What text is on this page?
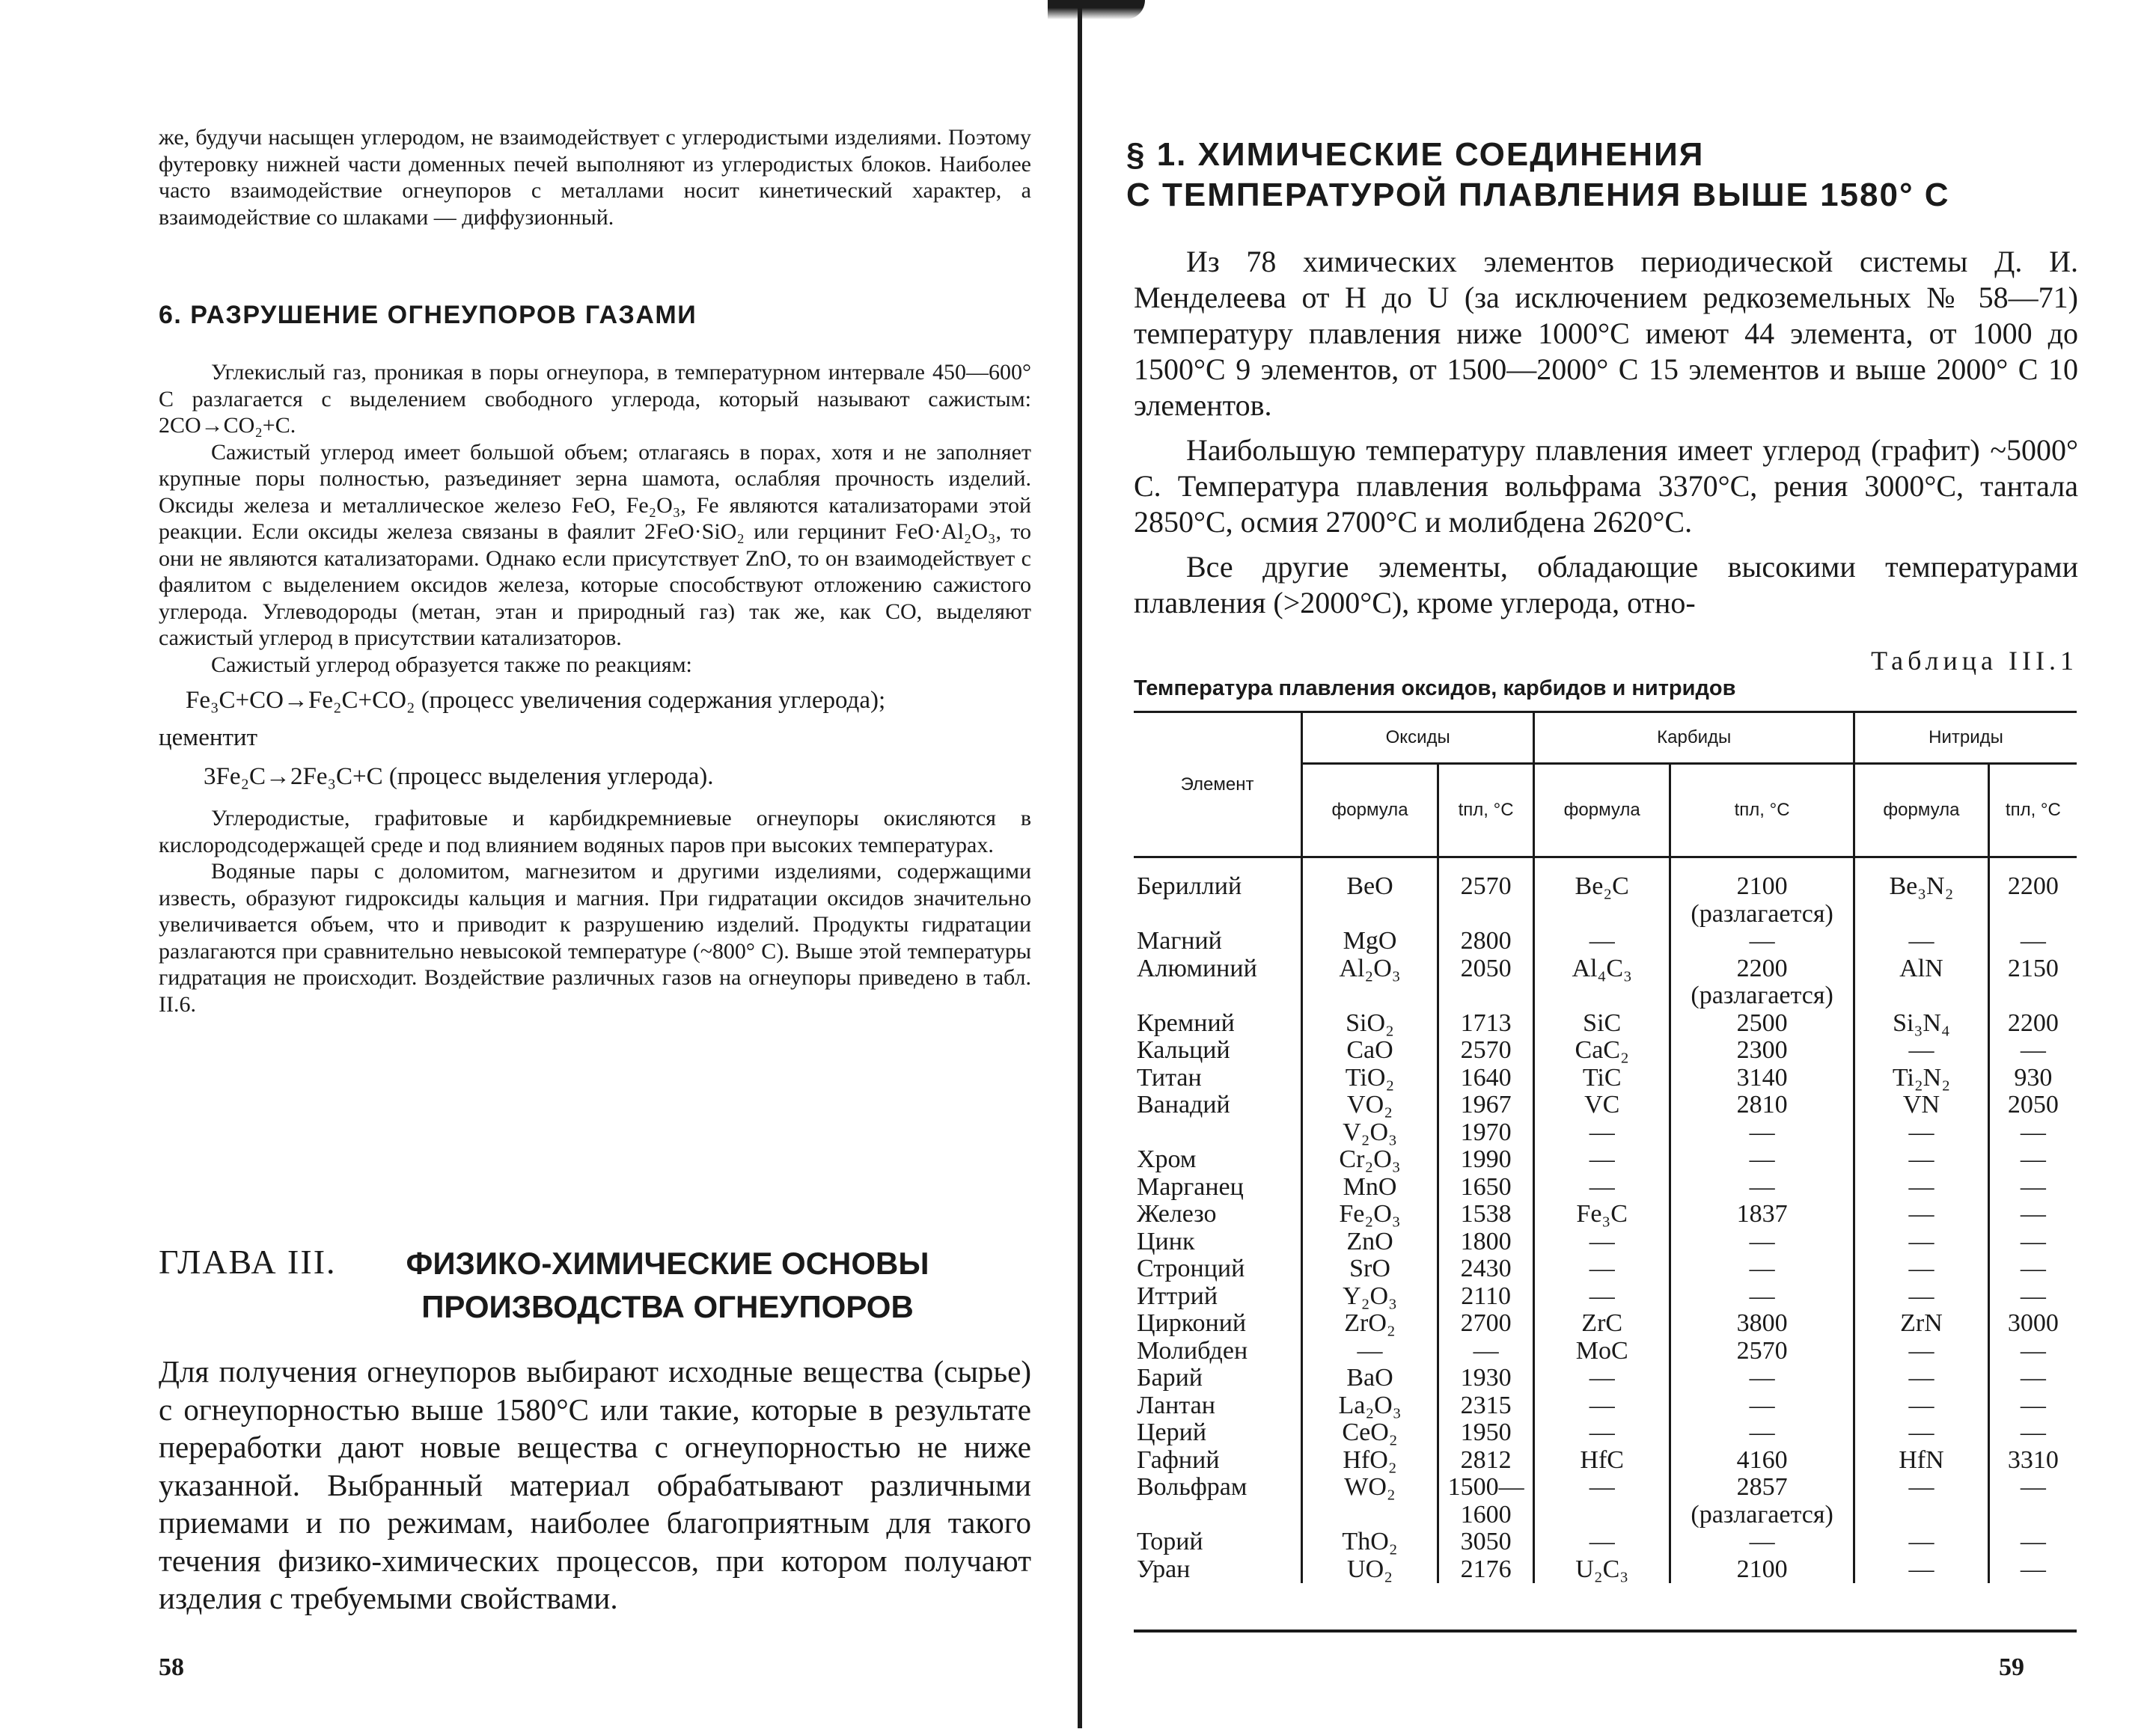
же, будучи насыщен углеродом, не взаимодействует с углеродистыми изделиями. Поэтому футеровку нижней части доменных печей выполняют из углеродистых блоков. Наиболее часто взаимодействие огнеупоров с металлами носит кинетический характер, а взаимодействие со шлаками — диффузионный.

6. РАЗРУШЕНИЕ ОГНЕУПОРОВ ГАЗАМИ

Углекислый газ, проникая в поры огнеупора, в температурном интервале 450—600° С разлагается с выделением свободного углерода, который называют сажистым: 2CO→CO₂+C.

Сажистый углерод имеет большой объем; отлагаясь в порах, хотя и не заполняет крупные поры полностью, разъединяет зерна шамота, ослабляя прочность изделий. Оксиды железа и металлическое железо FeO, Fe₂O₃, Fe являются катализаторами этой реакции. Если оксиды железа связаны в фаялит 2FeO·SiO₂ или герцинит FeO·Al₂O₃, то они не являются катализаторами. Однако если присутствует ZnO, то он взаимодействует с фаялитом с выделением оксидов железа, которые способствуют отложению сажистого углерода. Углеводороды (метан, этан и природный газ) так же, как CO, выделяют сажистый углерод в присутствии катализаторов.

Сажистый углерод образуется также по реакциям:

Fe₃C+CO→Fe₂C+CO₂ (процесс увеличения содержания углерода);

цементит

3Fe₂C→2Fe₃C+C (процесс выделения углерода).

Углеродистые, графитовые и карбидкремниевые огнеупоры окисляются в кислородсодержащей среде и под влиянием водяных паров при высоких температурах.

Водяные пары с доломитом, магнезитом и другими изделиями, содержащими известь, образуют гидроксиды кальция и магния. При гидратации оксидов значительно увеличивается объем, что и приводит к разрушению изделий. Продукты гидратации разлагаются при сравнительно невысокой температуре (~800° C). Выше этой температуры гидратация не происходит. Воздействие различных газов на огнеупоры приведено в табл. II.6.

ГЛАВА III. ФИЗИКО-ХИМИЧЕСКИЕ ОСНОВЫ
ПРОИЗВОДСТВА ОГНЕУПОРОВ

Для получения огнеупоров выбирают исходные вещества (сырье) с огнеупорностью выше 1580°C или такие, которые в результате переработки дают новые вещества с огнеупорностью не ниже указанной. Выбранный материал обрабатывают различными приемами и по режимам, наиболее благоприятным для такого течения физико-химических процессов, при котором получают изделия с требуемыми свойствами.

58
§ 1. ХИМИЧЕСКИЕ СОЕДИНЕНИЯ
С ТЕМПЕРАТУРОЙ ПЛАВЛЕНИЯ ВЫШЕ 1580° С

Из 78 химических элементов периодической системы Д. И. Менделеева от H до U (за исключением редкоземельных № 58—71) температуру плавления ниже 1000°C имеют 44 элемента, от 1000 до 1500°C 9 элементов, от 1500—2000° C 15 элементов и выше 2000° C 10 элементов.

Наибольшую температуру плавления имеет углерод (графит) ~5000° C. Температура плавления вольфрама 3370°C, рения 3000°C, тантала 2850°C, осмия 2700°C и молибдена 2620°C.

Все другие элементы, обладающие высокими температурами плавления (>2000°C), кроме углерода, отно-

Таблица III.1
Температура плавления оксидов, карбидов и нитридов
Элемент	Оксиды		Карбиды		Нитриды	
	формула	tпл, °C	формула	tпл, °C	формула	tпл, °C

Бериллий	BeO	2570	Be₂C	2100	Be₃N₂	2200
				(разлагается)		
Магний	MgO	2800	—	—	—	—
Алюминий	Al₂O₃	2050	Al₄C₃	2200	AlN	2150
				(разлагается)		
Кремний	SiO₂	1713	SiC	2500	Si₃N₄	2200
Кальций	CaO	2570	CaC₂	2300	—	—
Титан	TiO₂	1640	TiC	3140	Ti₂N₂	930
Ванадий	VO₂	1967	VC	2810	VN	2050
	V₂O₃	1970	—	—	—	—
Хром	Cr₂O₃	1990	—	—	—	—
Марганец	MnO	1650	—	—	—	—
Железо	Fe₂O₃	1538	Fe₃C	1837	—	—
Цинк	ZnO	1800	—	—	—	—
Стронций	SrO	2430	—	—	—	—
Иттрий	Y₂O₃	2110	—	—	—	—
Цирконий	ZrO₂	2700	ZrC	3800	ZrN	3000
Молибден	—	—	MoC	2570	—	—
Барий	BaO	1930	—	—	—	—
Лантан	La₂O₃	2315	—	—	—	—
Церий	CeO₂	1950	—	—	—	—
Гафний	HfO₂	2812	HfC	4160	HfN	3310
Вольфрам	WO₂	1500—	—	2857	—	—
		1600		(разлагается)		
Торий	ThO₂	3050	—	—	—	—
Уран	UO₂	2176	U₂C₃	2100	—	—
59
